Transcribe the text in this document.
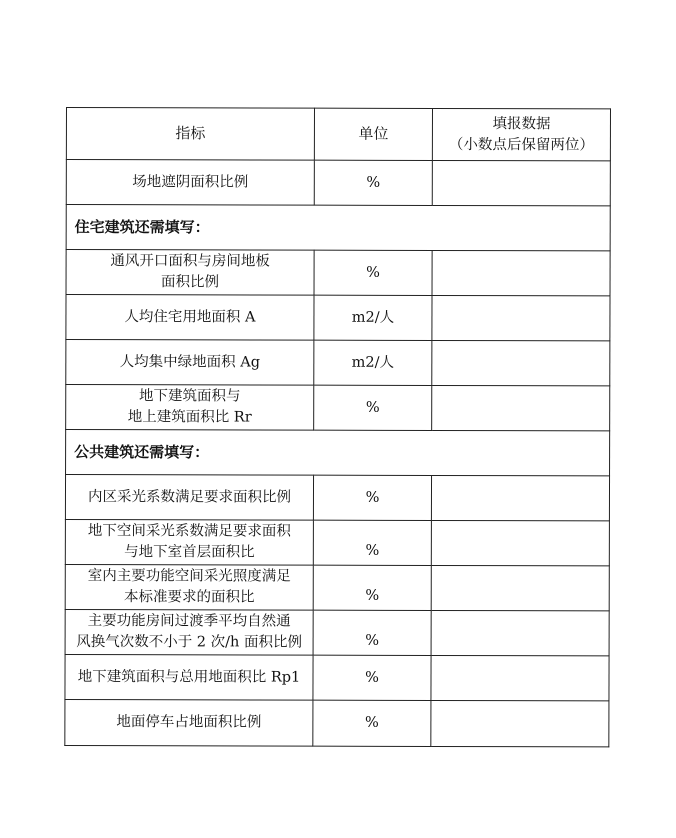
指标	单位	填报数据
（小数点后保留两位）

场地遮阴面积比例	%	
住宅建筑还需填写：		

通风开口面积与房间地板
面积比例	%	

人均住宅用地面积 A	m2/人	

人均集中绿地面积 Ag	m2/人	

地下建筑面积与
地上建筑面积比 Rr	%	
公共建筑还需填写：		

内区采光系数满足要求面积比例	%	

地下空间采光系数满足要求面积
与地下室首层面积比	%	

室内主要功能空间采光照度满足
本标准要求的面积比	%	

主要功能房间过渡季平均自然通
风换气次数不小于 2 次/h 面积比例	%	

地下建筑面积与总用地面积比 Rp1	%	

地面停车占地面积比例	%	
